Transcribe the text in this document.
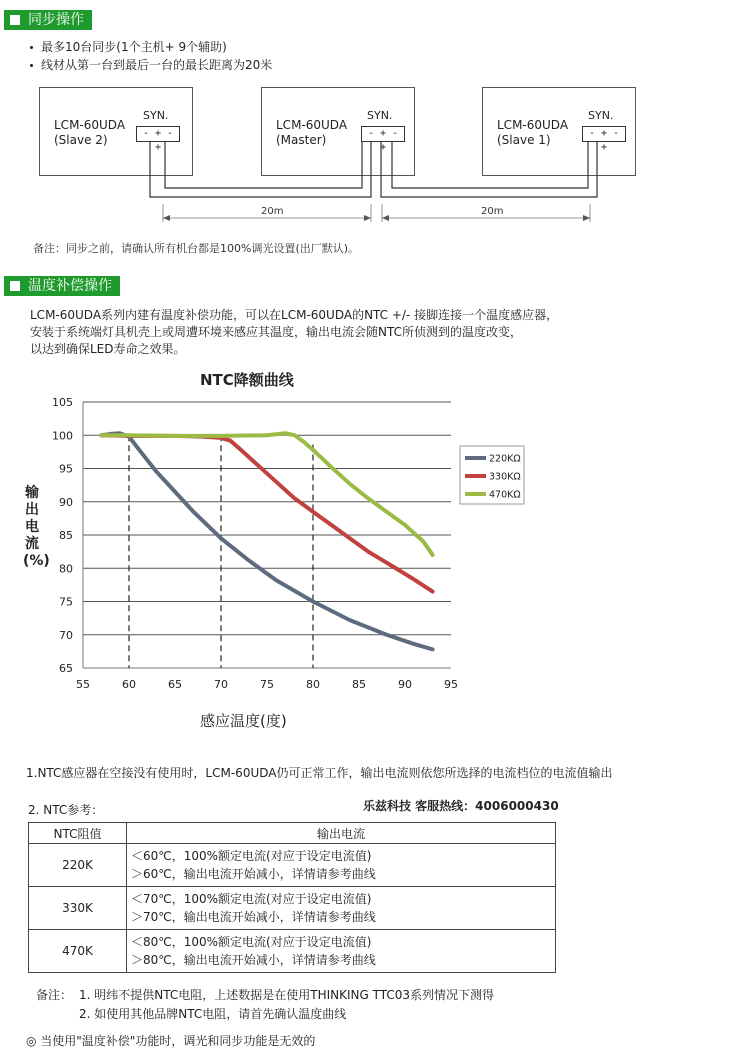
同步操作
最多10台同步(1个主机+ 9个辅助)
线材从第一台到最后一台的最长距离为20米
LCM-60UDA
(Slave 2)
SYN.
- + - +
LCM-60UDA
(Master)
SYN.
- + - +
LCM-60UDA
(Slave 1)
SYN.
- + - +
20m	20m
备注：同步之前，请确认所有机台都是100%调光设置(出厂默认)。
温度补偿操作
LCM-60UDA系列内建有温度补偿功能，可以在LCM-60UDA的NTC +/- 接脚连接一个温度感应器，
安装于系统端灯具机壳上或周遭环境来感应其温度，输出电流会随NTC所侦测到的温度改变，
以达到确保LED寿命之效果。
NTC降额曲线
输出电流(%)
感应温度(度)
65
70
75
80
85
90
95
100
105
55	60	65	70	75	80	85	90	95
220KΩ
330KΩ
470KΩ
1.NTC感应器在空接没有使用时，LCM-60UDA仍可正常工作，输出电流则依您所选择的电流档位的电流值输出
2. NTC参考：	乐兹科技 客服热线：4006000430
NTC阻值	输出电流
220K	＜60℃，100%额定电流(对应于设定电流值)
＞60℃，输出电流开始减小，详情请参考曲线

330K	＜70℃，100%额定电流(对应于设定电流值)
＞70℃，输出电流开始减小，详情请参考曲线

470K	＜80℃，100%额定电流(对应于设定电流值)
＞80℃，输出电流开始减小，详情请参考曲线
备注： 1. 明纬不提供NTC电阻，上述数据是在使用THINKING TTC03系列情况下测得
2. 如使用其他品牌NTC电阻，请首先确认温度曲线
◎ 当使用"温度补偿"功能时，调光和同步功能是无效的
